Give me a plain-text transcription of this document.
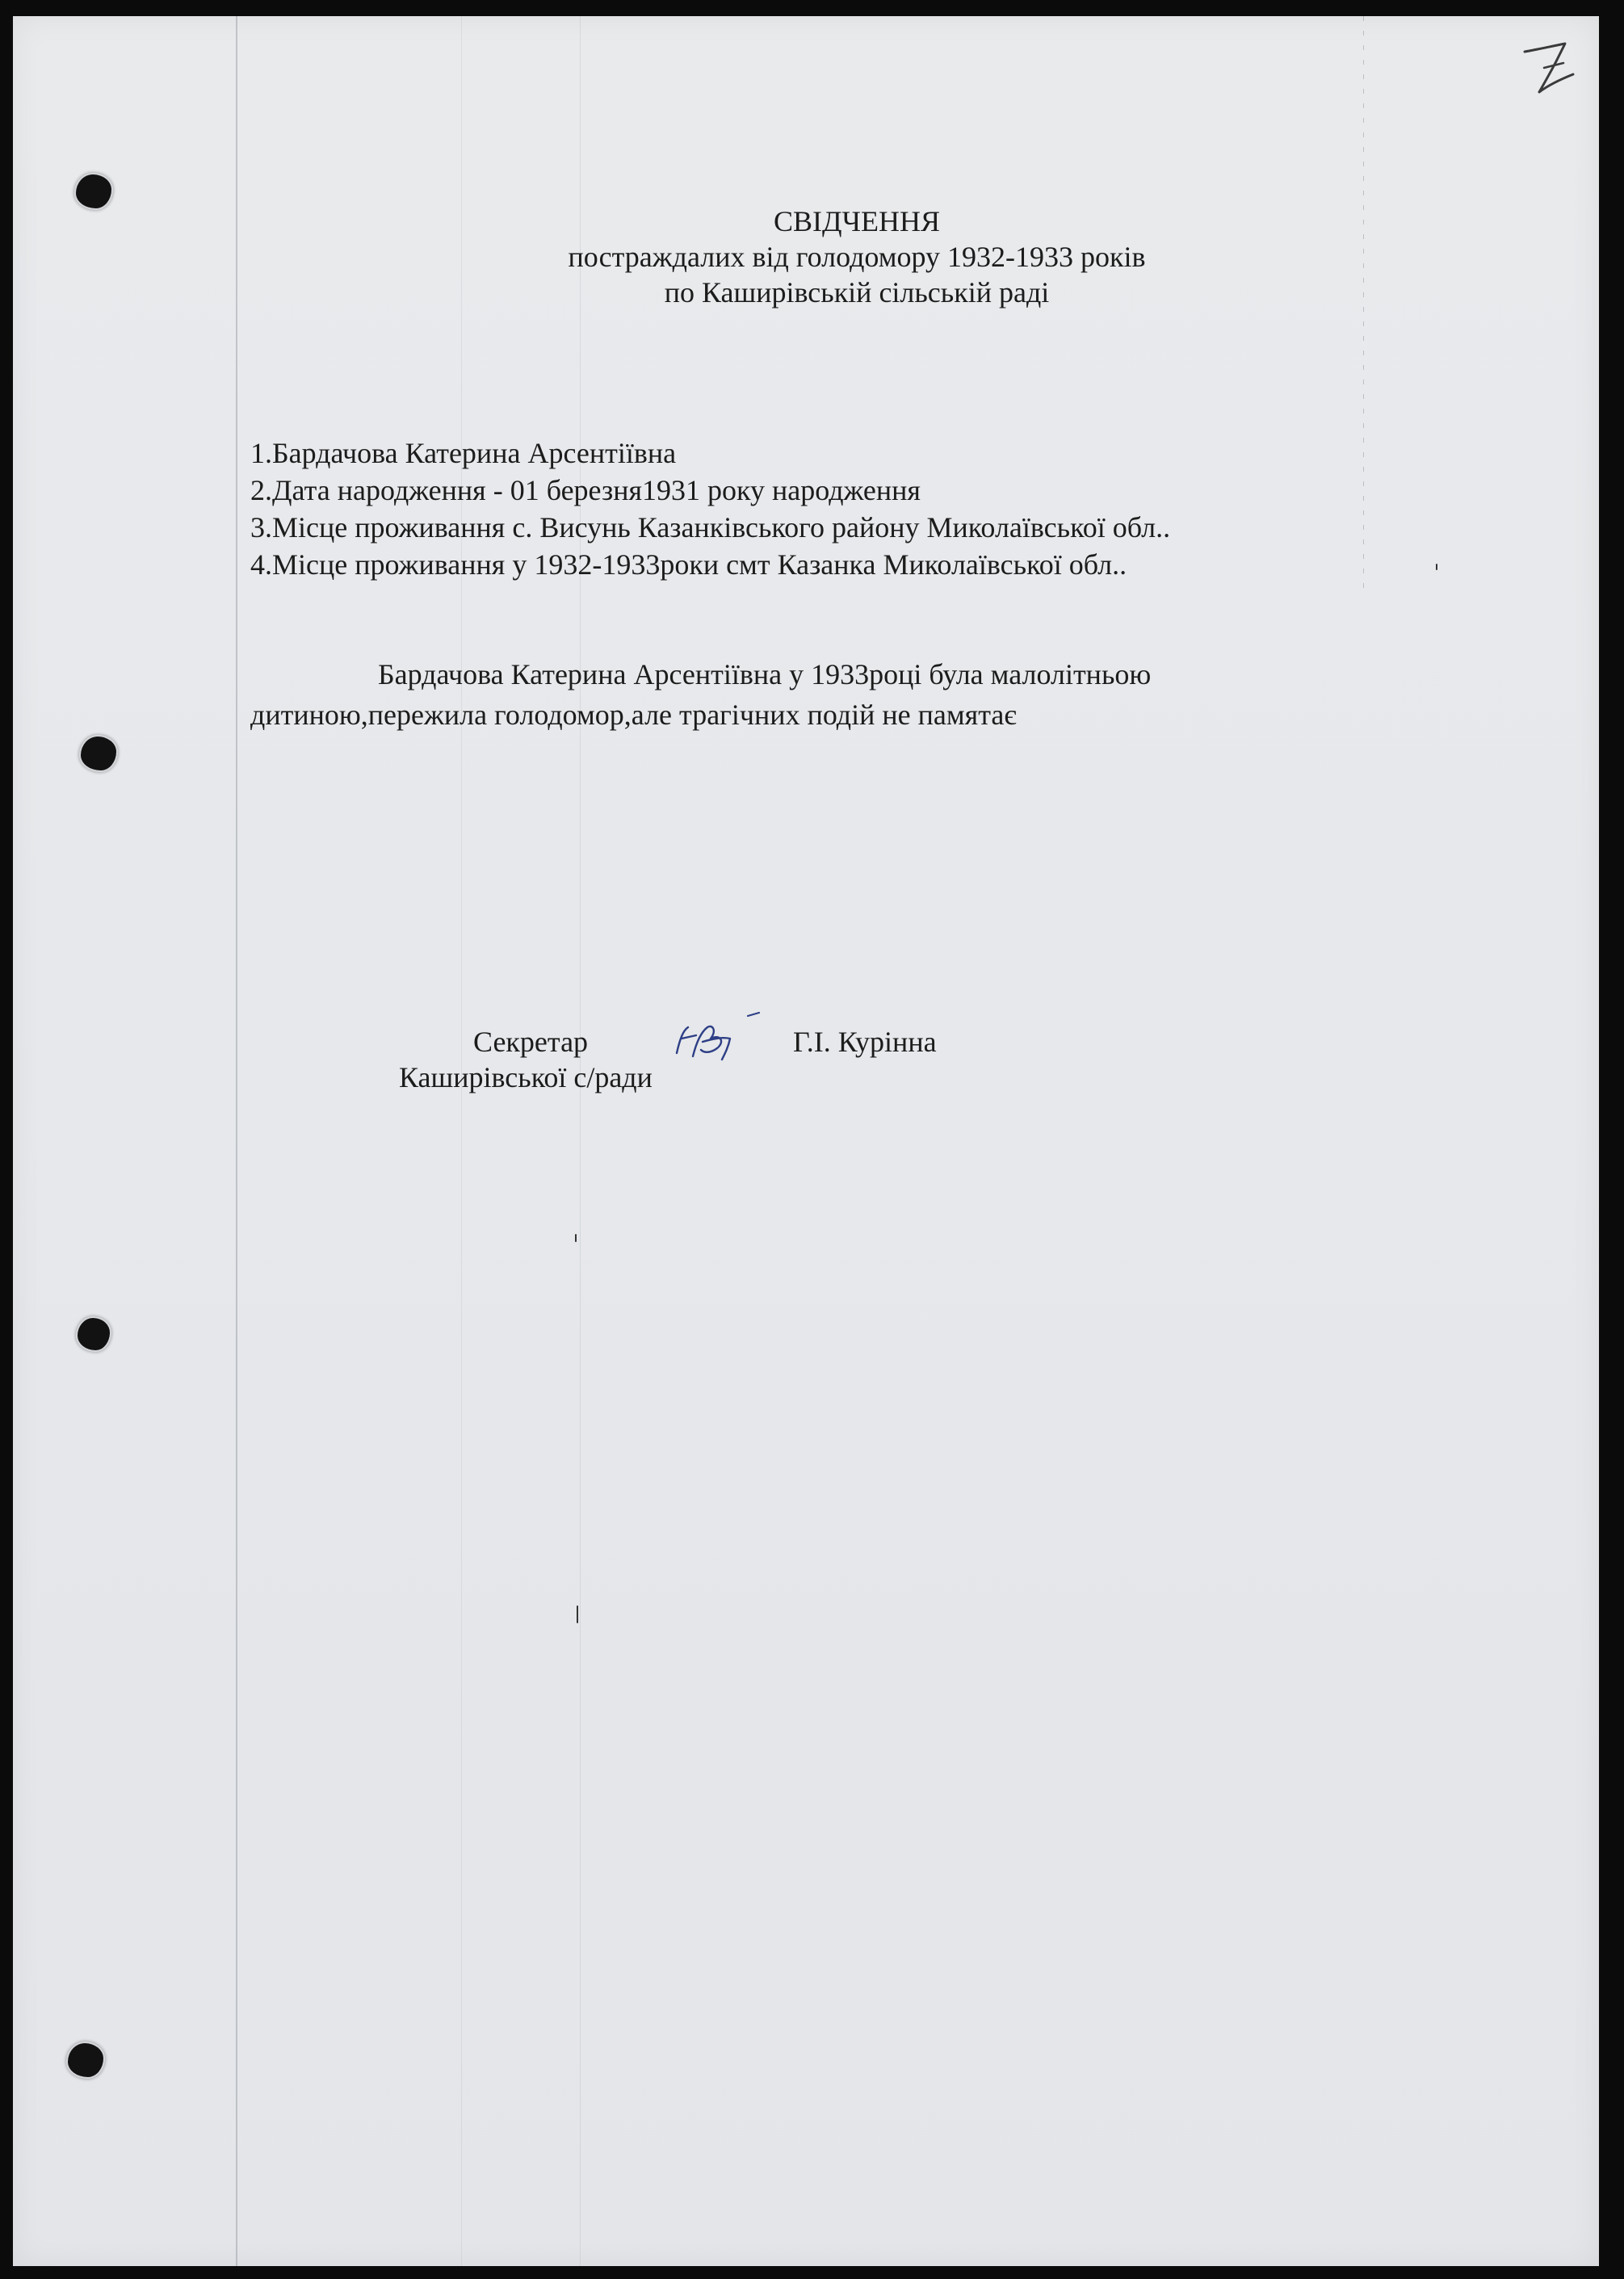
СВІДЧЕННЯ
постраждалих від голодомору 1932-1933 років
по Каширівській сільській раді
1.Бардачова Катерина Арсентіївна
2.Дата народження - 01 березня1931 року народження
3.Місце проживання с. Висунь Казанківського району Миколаївської обл..
4.Місце проживання у 1932-1933роки смт Казанка Миколаївської обл..
Бардачова Катерина Арсентіївна у 1933році була малолітньою
дитиною,пережила голодомор,але трагічних подій не памятає
Секретар
Каширівської с/ради
Г.І. Курінна
